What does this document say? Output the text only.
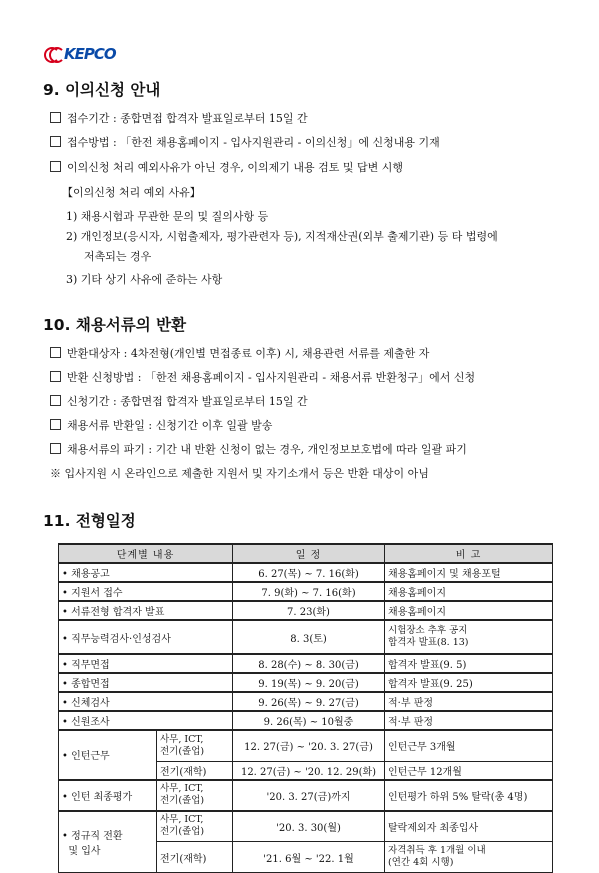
KEPCO
9. 이의신청 안내
접수기간 : 종합면접 합격자 발표일로부터 15일 간
접수방법 : 「한전 채용홈페이지 - 입사지원관리 - 이의신청」에 신청내용 기재
이의신청 처리 예외사유가 아닌 경우, 이의제기 내용 검토 및 답변 시행
【이의신청 처리 예외 사유】
1) 채용시험과 무관한 문의 및 질의사항 등
2) 개인정보(응시자, 시험출제자, 평가관련자 등), 지적재산권(외부 출제기관) 등 타 법령에
저촉되는 경우
3) 기타 상기 사유에 준하는 사항
10. 채용서류의 반환
반환대상자 : 4차전형(개인별 면접종료 이후) 시, 채용관련 서류를 제출한 자
반환 신청방법 : 「한전 채용홈페이지 - 입사지원관리 - 채용서류 반환청구」에서 신청
신청기간 : 종합면접 합격자 발표일로부터 15일 간
채용서류 반환일 : 신청기간 이후 일괄 발송
채용서류의 파기 : 기간 내 반환 신청이 없는 경우, 개인정보보호법에 따라 일괄 파기
※ 입사지원 시 온라인으로 제출한 지원서 및 자기소개서 등은 반환 대상이 아님
11. 전형일정
단계별 내용		일 정	비 고
• 채용공고		6. 27(목) ~ 7. 16(화)	채용홈페이지 및 채용포털
• 지원서 접수		7. 9(화) ~ 7. 16(화)	채용홈페이지
• 서류전형 합격자 발표		7. 23(화)	채용홈페이지
• 직무능력검사·인성검사		8. 3(토)	시험장소 추후 공지
합격자 발표(8. 13)
• 직무면접		8. 28(수) ~ 8. 30(금)	합격자 발표(9. 5)
• 종합면접		9. 19(목) ~ 9. 20(금)	합격자 발표(9. 25)
• 신체검사		9. 26(목) ~ 9. 27(금)	적·부 판정
• 신원조사		9. 26(목) ~ 10월중	적·부 판정
• 인턴근무	사무, ICT,
전기(졸업)	12. 27(금) ~ '20. 3. 27(금)	인턴근무 3개월
	전기(재학)	12. 27(금) ~ '20. 12. 29(화)	인턴근무 12개월
• 인턴 최종평가	사무, ICT,
전기(졸업)	'20. 3. 27(금)까지	인턴평가 하위 5% 탈락(총 4명)
• 정규직 전환
및 입사	사무, ICT,
전기(졸업)	'20. 3. 30(월)	탈락제외자 최종입사
	전기(재학)	'21. 6월 ~ '22. 1월	자격취득 후 1개월 이내
(연간 4회 시행)
